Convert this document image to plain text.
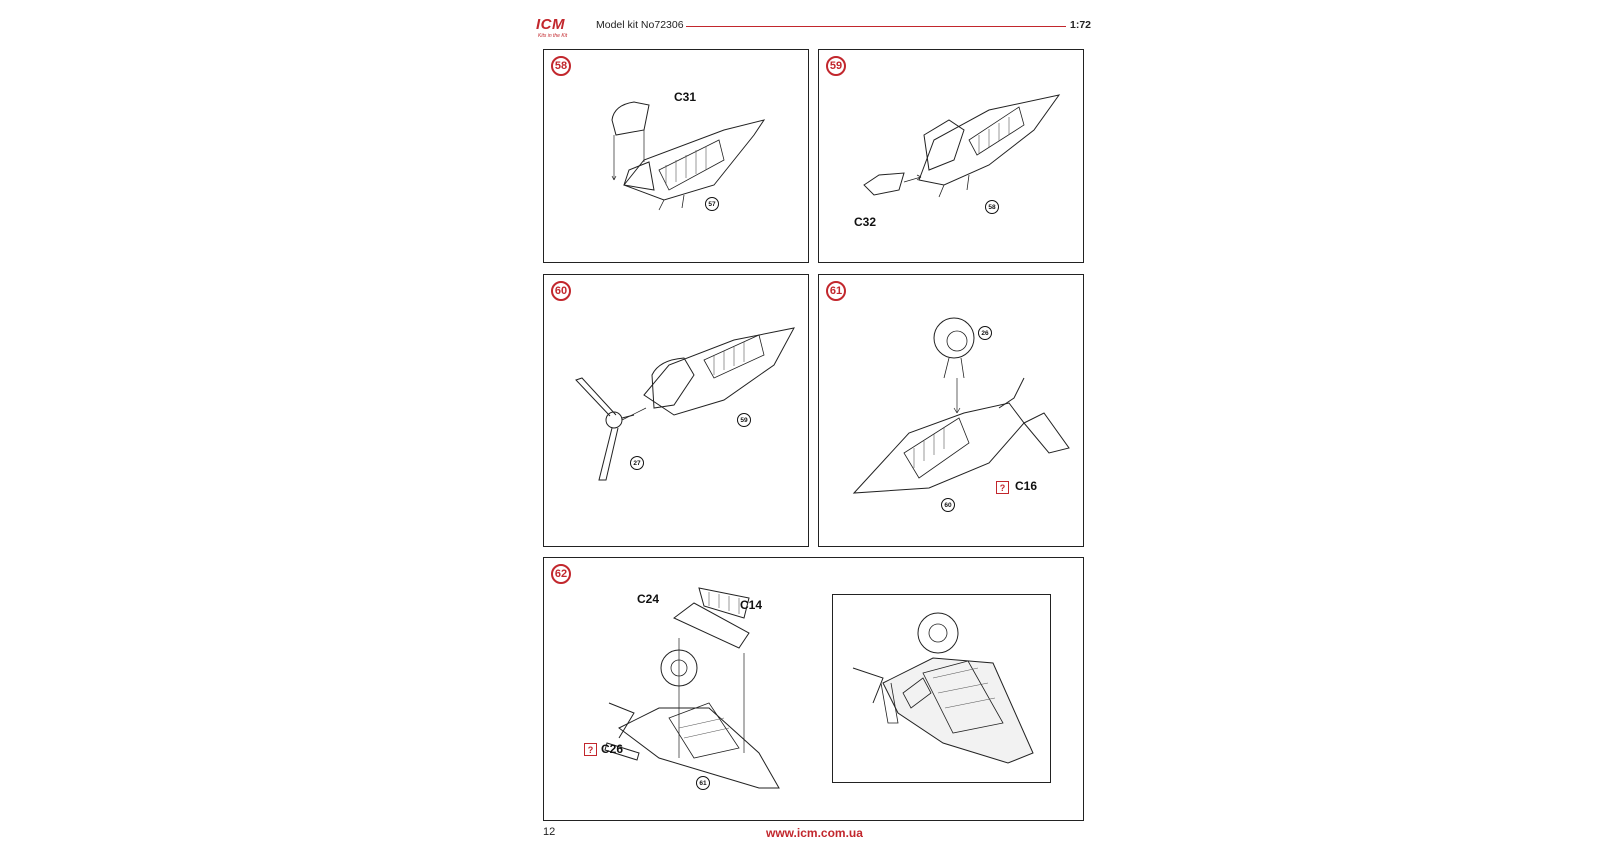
ICM
Kits in the Kit
Model kit No72306	1:72
58
C31
57
59
C32
58
60
59
27
61
26
? C16
60
62
C24	C14
? C26
61
12	www.icm.com.ua
